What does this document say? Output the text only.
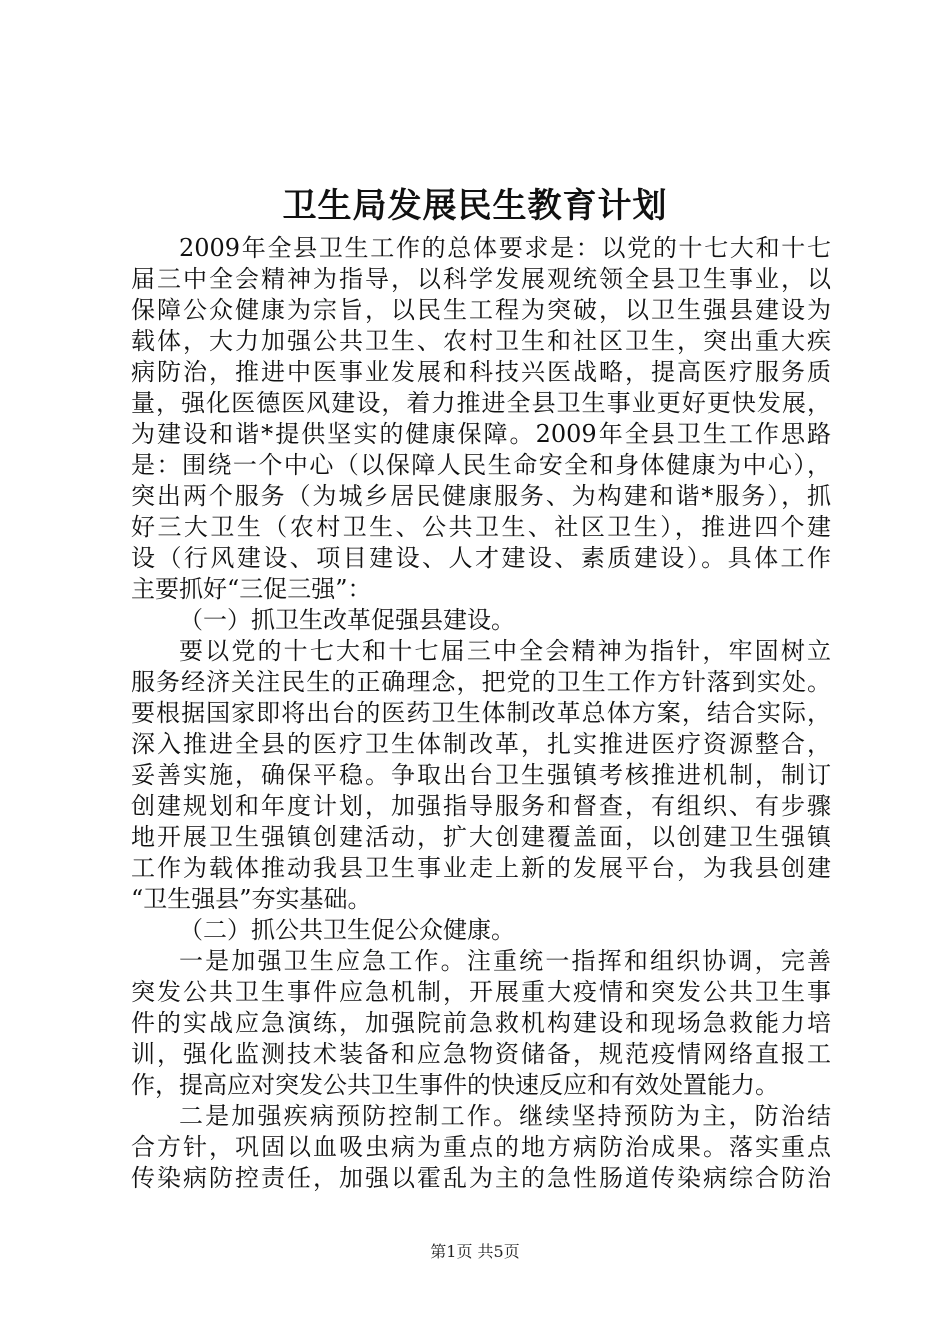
卫生局发展民生教育计划
2009年全县卫生工作的总体要求是：以党的十七大和十七
届三中全会精神为指导，以科学发展观统领全县卫生事业，以
保障公众健康为宗旨，以民生工程为突破，以卫生强县建设为
载体，大力加强公共卫生、农村卫生和社区卫生，突出重大疾
病防治，推进中医事业发展和科技兴医战略，提高医疗服务质
量，强化医德医风建设，着力推进全县卫生事业更好更快发展，
为建设和谐*提供坚实的健康保障。2009年全县卫生工作思路
是：围绕一个中心（以保障人民生命安全和身体健康为中心），
突出两个服务（为城乡居民健康服务、为构建和谐*服务），抓
好三大卫生（农村卫生、公共卫生、社区卫生），推进四个建
设（行风建设、项目建设、人才建设、素质建设）。具体工作
主要抓好“三促三强”：
（一）抓卫生改革促强县建设。
要以党的十七大和十七届三中全会精神为指针，牢固树立
服务经济关注民生的正确理念，把党的卫生工作方针落到实处。
要根据国家即将出台的医药卫生体制改革总体方案，结合实际，
深入推进全县的医疗卫生体制改革，扎实推进医疗资源整合，
妥善实施，确保平稳。争取出台卫生强镇考核推进机制，制订
创建规划和年度计划，加强指导服务和督查，有组织、有步骤
地开展卫生强镇创建活动，扩大创建覆盖面，以创建卫生强镇
工作为载体推动我县卫生事业走上新的发展平台，为我县创建
“卫生强县”夯实基础。
（二）抓公共卫生促公众健康。
一是加强卫生应急工作。注重统一指挥和组织协调，完善
突发公共卫生事件应急机制，开展重大疫情和突发公共卫生事
件的实战应急演练，加强院前急救机构建设和现场急救能力培
训，强化监测技术装备和应急物资储备，规范疫情网络直报工
作，提高应对突发公共卫生事件的快速反应和有效处置能力。
二是加强疾病预防控制工作。继续坚持预防为主，防治结
合方针，巩固以血吸虫病为重点的地方病防治成果。落实重点
传染病防控责任，加强以霍乱为主的急性肠道传染病综合防治
第1页 共5页
